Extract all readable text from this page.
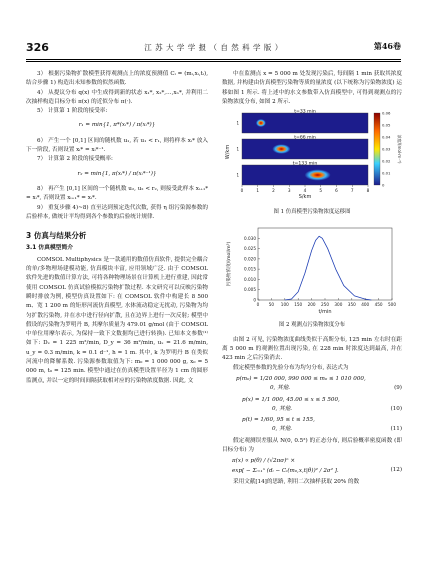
326	江 苏 大 学 学 报 （ 自 然 科 学 版 ）	第46卷

3） 根据污染物扩散模型获得观测点上的浓度预测值 Cᵢ = (mᵢ,xᵢ,tᵢ), 结合步骤 1) 构造出未知参数的似然函数.

4） 从提议分布 q(x) 中生成得到新的状态 x₁*, x₂*,…,xₙ*, 并利用二次抽样构造目标分布 π(x) 的近似分布 π(·).

5） 计算第 1 阶段的接受率:

r₁ = min{1, π*(xᵢ*) / π(xᵢ*)}

6） 产生一个 [0,1] 区间的随机数 u₁, 若 u₁ < r₁, 则将样本 xᵢ* 放入下一阶段, 否则设置 xᵢ* = xᵢ*⁻¹.

7） 计算第 2 阶段的接受概率:

r₂ = min{1, π(xᵢ*) / π(xᵢ*⁻¹)}

8） 再产生 [0,1] 区间的一个随机数 u₂, u₂ < r₂, 则接受此样本 xᵢ₊₁* = xᵢ*, 否则设置 xᵢ₊₁* = xᵢ*.

9） 重复步骤 4)~8) 直至达到预定迭代次数, 获得 η 组污染源参数的后验样本, 做统计平均得到各个参数的后验统计规律.

3 仿真与结果分析
3.1 仿真模型简介

COMSOL Multiphysics 是一款通用的数值仿真软件, 提供完全耦合的单/多物理场建模功能, 仿真模块丰富, 应用领域广泛. 由于 COMSOL 软件先进的数值计算方法, 可将各种物理场景在计算机上进行重建, 因此常使用 COMSOL 仿真试验模拟污染物扩散过程. 本文研究可以反映污染物瞬时排放为例, 模型仿真设置如下: 在 COMSOL 软件中构建长 8 500 m、宽 1 200 m 的矩形河流仿真模型, 水体流动稳定无扰动, 污染物为均匀扩散污染物, 并在水中进行径向扩散, 且在边界上进行一次反射; 模型中假设的污染物为罗明丹 B, 其摩尔质量为 479.01 g/mol (由于 COMSOL 中单位用摩尔表示, 为保持一致下文数据均已进行转换). 已知本文参数⁽¹⁾如下: Dₓ = 1 225 m²/min, D_y = 36 m²/min, uₓ = 21.6 m/min, u_y = 0.3 m/min, k = 0.1 d⁻¹, h = 1 m. 其中, k 为罗明丹 B 在类似河流中的降解系数. 污染源参数取值为下: m₀ = 1 000 000 g, x₀ = 5 000 m, t₀ = 125 min. 模型中通过在仿真模型设置半径为 1 cm 的圆形监测点, 并以一定的时间间隔获取相对应的污染物浓度数据. 因此, 文

中在监测点 x = 5 000 m 处发现污染后, 每间隔 1 min 获取其浓度数据, 并构建由仿真模型污染物等质的量浓度 (以下统称为污染物浓度) 运移如图 1 所示. 将上述中的水文参数带入仿真模型中, 可得到观测点的污染物浓度分布, 如图 2 所示.

t=33 min
1
t=66 min
1
t=133 min
1
W/km
0	1	2	3	4	5	6	7	8
S/km
0.06
0.05
0.04
0.03
0.02
0.01
0
浓度/(mol·m⁻³)
图 1 仿真模型污染物浓度运移图
0 50 100 150 200 250 300 350 400 450 500
0
0.005
0.010
0.015
0.020
0.025
0.030
t/min
污染物浓度/(mol/m³)
图 2 观测点污染物浓度分布

由图 2 可见, 污染物浓度曲线类似于高斯分布, 125 min 左右时在距离 5 000 m 的观测位置出现污染, 在 228 min 时浓度达到最高, 并在 423 min 之后污染消去.

假定模型参数的先验分布为均匀分布, 表达式为

p(m₀) = 1/20 000, 990 000 ≤ m₀ ≤ 1 010 000,
0, 其他.	(9)
p(x) = 1/1 000, 45.00 ≤ x ≤ 5 500,
0, 其他.	(10)
p(t) = 1/60, 95 ≤ t ≤ 155,
0, 其他.	(11)

假定观测误差服从 N(0, 0.5²) 的正态分布, 则后验概率密度函数 (即目标分布) 为

π(x) ∝ p(θ) / (√2πσ)ⁿ ×
exp[ − Σᵢ₌₁ⁿ (dᵢ − Cᵢ(m₀,x,t|θ))² / 2σ² ].	(12)

采用文献[14]的思路, 利用二次抽样获取 20% 的数
